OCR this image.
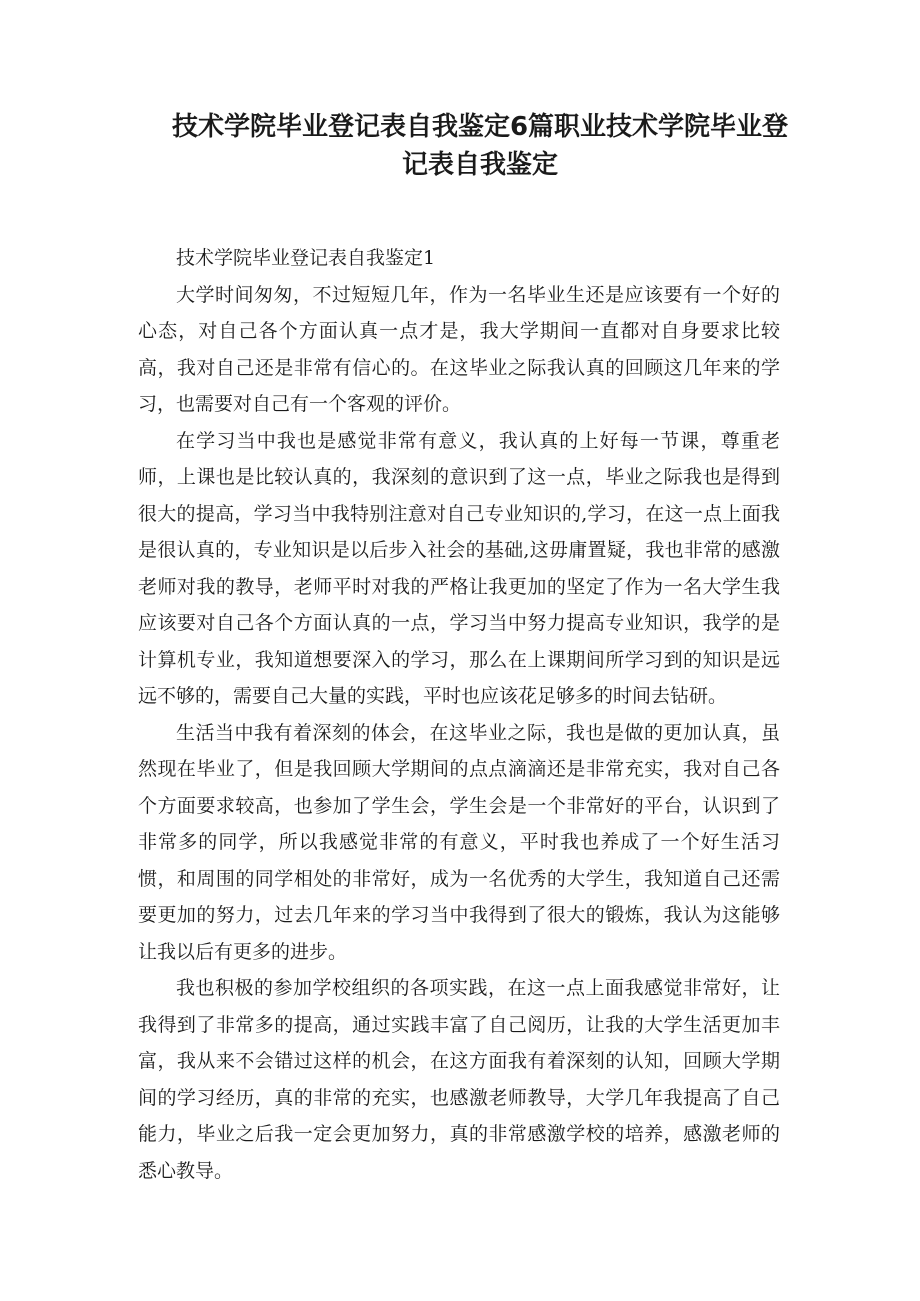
技术学院毕业登记表自我鉴定6篇职业技术学院毕业登记表自我鉴定

技术学院毕业登记表自我鉴定1

大学时间匆匆，不过短短几年，作为一名毕业生还是应该要有一个好的心态，对自己各个方面认真一点才是，我大学期间一直都对自身要求比较高，我对自己还是非常有信心的。在这毕业之际我认真的回顾这几年来的学习，也需要对自己有一个客观的评价。

在学习当中我也是感觉非常有意义，我认真的上好每一节课，尊重老师，上课也是比较认真的，我深刻的意识到了这一点，毕业之际我也是得到很大的提高，学习当中我特别注意对自己专业知识的,学习，在这一点上面我是很认真的，专业知识是以后步入社会的基础,这毋庸置疑，我也非常的感激老师对我的教导，老师平时对我的严格让我更加的坚定了作为一名大学生我应该要对自己各个方面认真的一点，学习当中努力提高专业知识，我学的是计算机专业，我知道想要深入的学习，那么在上课期间所学习到的知识是远远不够的，需要自己大量的实践，平时也应该花足够多的时间去钻研。

生活当中我有着深刻的体会，在这毕业之际，我也是做的更加认真，虽然现在毕业了，但是我回顾大学期间的点点滴滴还是非常充实，我对自己各个方面要求较高，也参加了学生会，学生会是一个非常好的平台，认识到了非常多的同学，所以我感觉非常的有意义，平时我也养成了一个好生活习惯，和周围的同学相处的非常好，成为一名优秀的大学生，我知道自己还需要更加的努力，过去几年来的学习当中我得到了很大的锻炼，我认为这能够让我以后有更多的进步。

我也积极的参加学校组织的各项实践，在这一点上面我感觉非常好，让我得到了非常多的提高，通过实践丰富了自己阅历，让我的大学生活更加丰富，我从来不会错过这样的机会，在这方面我有着深刻的认知，回顾大学期间的学习经历，真的非常的充实，也感激老师教导，大学几年我提高了自己能力，毕业之后我一定会更加努力，真的非常感激学校的培养，感激老师的悉心教导。
